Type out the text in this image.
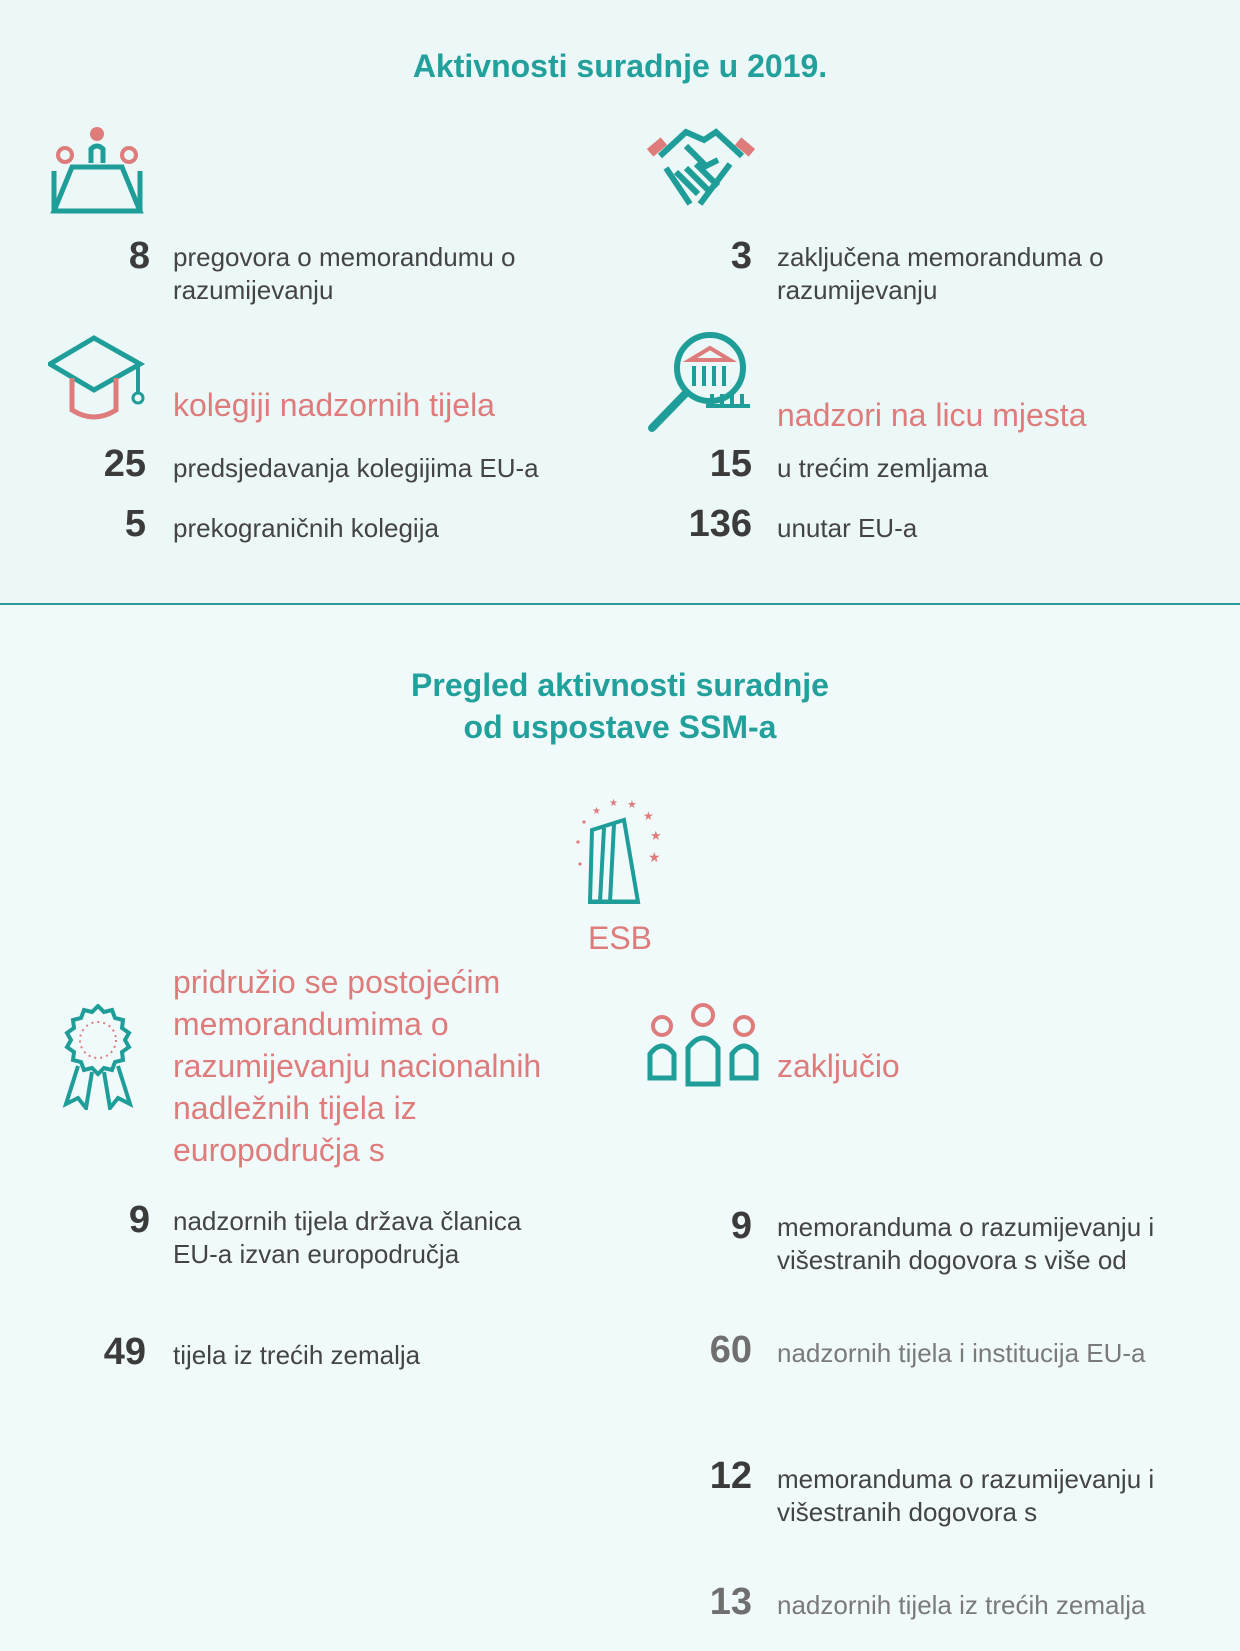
Aktivnosti suradnje u 2019.
8 pregovora o memorandumu o razumijevanju
3 zaključena memoranduma o razumijevanju
kolegiji nadzornih tijela
25 predsjedavanja kolegijima EU-a
5 prekograničnih kolegija
nadzori na licu mjesta
15 u trećim zemljama
136 unutar EU-a
Pregled aktivnosti suradnje
od uspostave SSM-a
★
★ ★
★
★
★
ESB
pridružio se postojećim memorandumima o razumijevanju nacionalnih nadležnih tijela iz europodručja s
9 nadzornih tijela država članica EU-a izvan europodručja
49 tijela iz trećih zemalja
zaključio
9 memoranduma o razumijevanju i višestranih dogovora s više od
60 nadzornih tijela i institucija EU-a
12 memoranduma o razumijevanju i višestranih dogovora s
13 nadzornih tijela iz trećih zemalja
